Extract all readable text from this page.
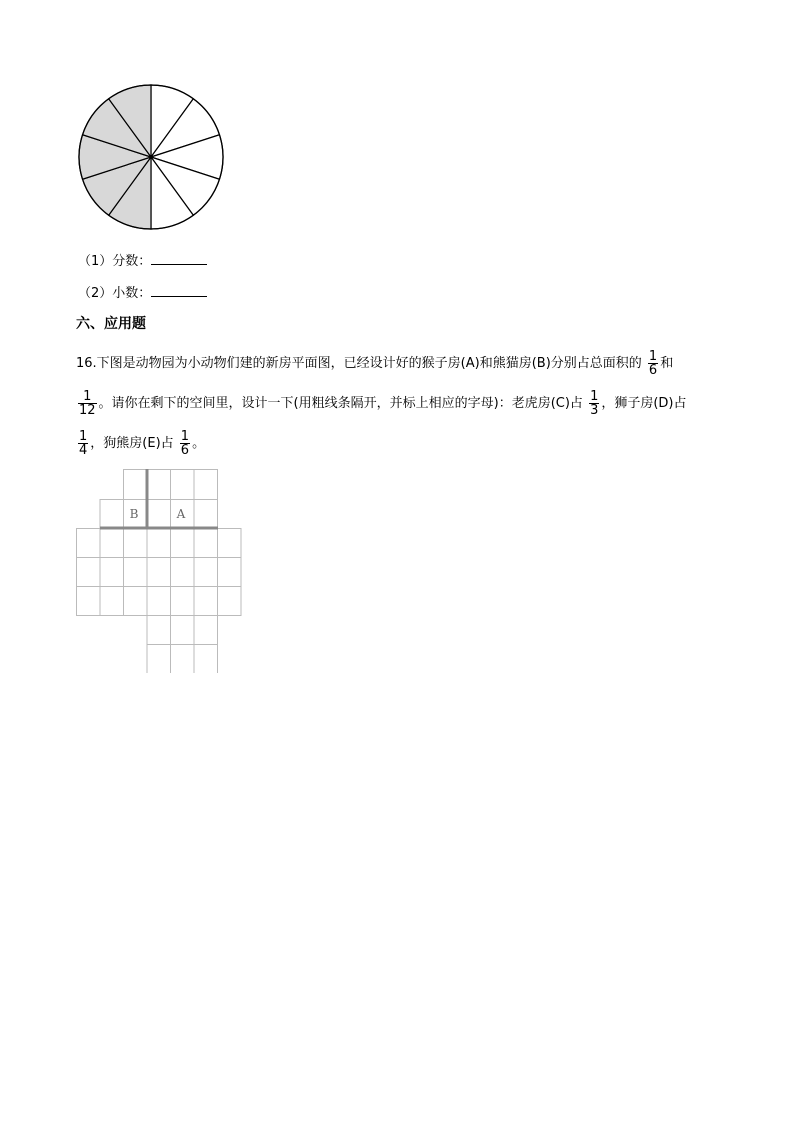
（1）分数：
（2）小数：
六、应用题
16.下图是动物园为小动物们建的新房平面图，已经设计好的猴子房(A)和熊猫房(B)分别占总面积的 $\frac{1}{6}$ 和
$\frac{1}{12}$ 。请你在剩下的空间里，设计一下(用粗线条隔开，并标上相应的字母)：老虎房(C)占 $\frac{1}{3}$ ，狮子房(D)占
$\frac{1}{4}$ ，狗熊房(E)占 $\frac{1}{6}$ 。
B	A
